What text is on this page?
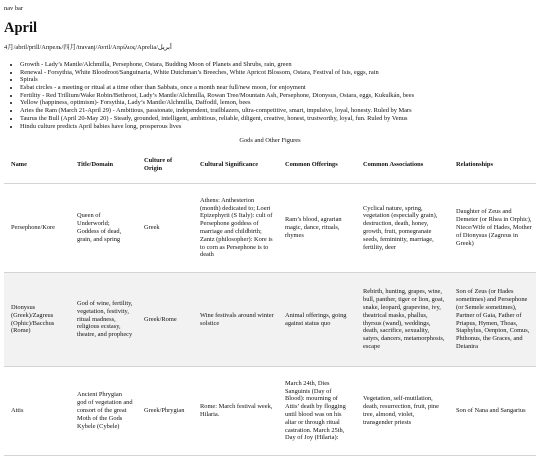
nav bar
April
4月/abril/prill/Апрель/四月/travanj/Avril/Απρίλιος/Aprelia/أبريل
• Growth - Lady’s Mantle/Alchmilla, Persephone, Ostara, Budding Moon of Planets and Shrubs, rain, green
• Renewal - Forsythia, White Bloodroot/Sanguinaria, White Dutchman’s Breeches, White Apricot Blossom, Ostara, Festival of Isis, eggs, rain
• Spirals
• Esbat circles - a meeting or ritual at a time other than Sabbats, once a month near full/new moon, for enjoyment
• Fertility - Red Trillium/Wake Robin/Bethroot, Lady’s Mantle/Alchmilla, Rowan Tree/Mountain Ash, Persephone, Dionysus, Ostara, eggs, Kukulkán, bees
• Yellow (happiness, optimism)- Forsythia, Lady’s Mantle/Alchmilla, Daffodil, lemon, bees
• Aries the Ram (March 21-April 29) - Ambitious, passionate, independent, trailblazers, ultra-competitive, smart, impulsive, loyal, honesty. Ruled by Mars
• Taurus the Bull (April 20-May 20) - Steady, grounded, intelligent, ambitious, reliable, diligent, creative, honest, trustworthy, loyal, fun. Ruled by Venus
• Hindu culture predicts April babies have long, prosperous lives
Gods and Other Figures
Name	Title/Domain	Culture of Origin	Cultural Significance	Common Offerings	Common Associations	Relationships
Persephone/Kore	Queen of Underworld; Goddess of dead, grain, and spring	Greek	Athens: Anthesterion (month) dedicated to; Loeri Epizephyrii (S Italy): cult of Persephone goddess of marriage and childbirth; Zantz (philosopher): Kore is to corn as Persephone is to death	Ram’s blood, agrarian magic, dance, rituals, rhymes	Cyclical nature, spring, vegetation (especially grain), destruction, death, honey, growth, fruit, pomegranate seeds, femininity, marriage, fertility, deer	Daughter of Zeus and Demeter (or Rhea in Orphic), Niece/Wife of Hades, Mother of Dionysus (Zagreus in Greek)
Dionysus (Greek)/Zagreus (Ophic)/Bacchus (Rome)	God of wine, fertility, vegetation, festivity, ritual madness, religious ecstasy, theatre, and prophecy	Greek/Rome	Wine festivals around winter solstice	Animal offerings, going against status quo	Rebirth, hunting, grapes, wine, bull, panther, tiger or lion, goat, snake, leopard, grapevine, ivy, theatrical masks, phallus, thyrsus (wand), weddings, death, sacrifice, sexuality, satyrs, dancers, metamorphosis, escape	Son of Zeus (or Hades sometimes) and Persephone (or Semele sometimes), Partner of Gaia, Father of Priapus, Hymen, Thoas, Staphylus, Oenpion, Comus, Phthonus, the Graces, and Deianira
Attis	Ancient Phrygian god of vegetation and consort of the great Moth of the Gods Kybele (Cybele)	Greek/Phrygian	Rome: March festival week, Hilaria.	March 24th, Dies Sanguinis (Day of Blood): mourning of Attis’ death by flogging until blood was on his altar or through ritual castration. March 25th, Day of Joy (Hilaria):	Vegetation, self-mutilation, death, resurrection, fruit, pine tree, almond, violet, transgender priests	Son of Nana and Sangarius
